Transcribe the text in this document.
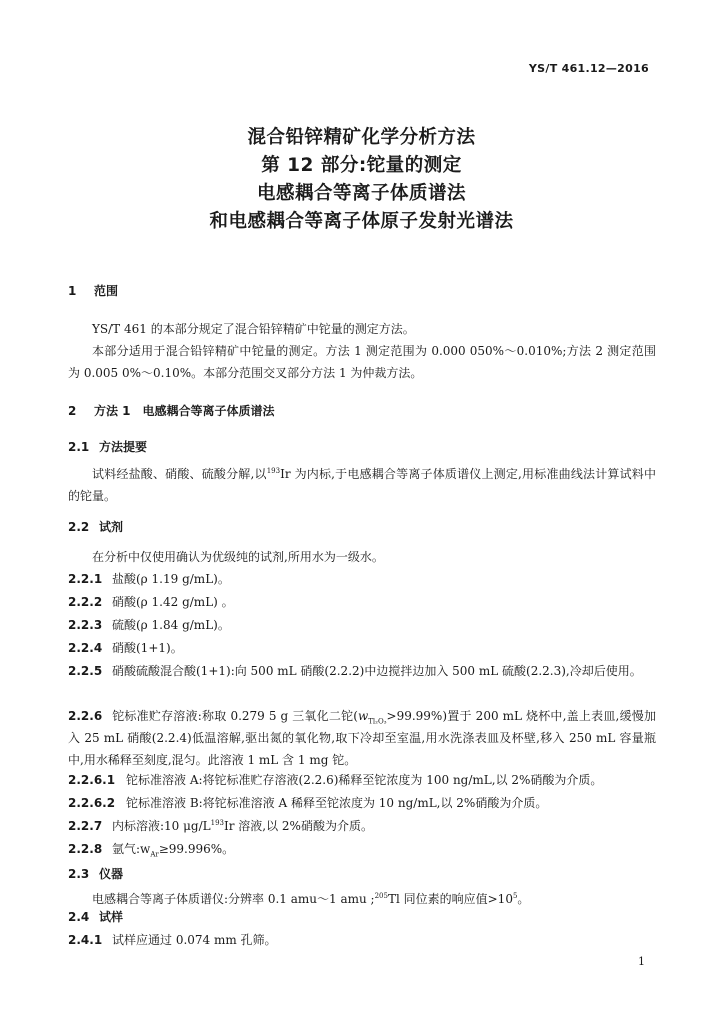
YS/T 461.12—2016

混合铅锌精矿化学分析方法

第 12 部分:铊量的测定

电感耦合等离子体质谱法

和电感耦合等离子体原子发射光谱法

1 范围
YS/T 461 的本部分规定了混合铅锌精矿中铊量的测定方法。
本部分适用于混合铅锌精矿中铊量的测定。方法 1 测定范围为 0.000 050%～0.010%;方法 2 测定范围为 0.005 0%～0.10%。本部分范围交叉部分方法 1 为仲裁方法。
2 方法 1　电感耦合等离子体质谱法
2.1 方法提要
试料经盐酸、硝酸、硫酸分解,以$^{193}$Ir 为内标,于电感耦合等离子体质谱仪上测定,用标准曲线法计算试料中的铊量。
2.2 试剂
在分析中仅使用确认为优级纯的试剂,所用水为一级水。
2.2.1 盐酸(ρ 1.19 g/mL)。
2.2.2 硝酸(ρ 1.42 g/mL) 。
2.2.3 硫酸(ρ 1.84 g/mL)。
2.2.4 硝酸(1+1)。
2.2.5 硝酸硫酸混合酸(1+1):向 500 mL 硝酸(2.2.2)中边搅拌边加入 500 mL 硫酸(2.2.3),冷却后使用。
2.2.6 铊标准贮存溶液:称取 0.279 5 g 三氧化二铊$(w_{Tl_2O_3}>99.99\%)$置于 200 mL 烧杯中,盖上表皿,缓慢加入 25 mL 硝酸(2.2.4)低温溶解,驱出氮的氧化物,取下冷却至室温,用水洗涤表皿及杯壁,移入 250 mL 容量瓶中,用水稀释至刻度,混匀。此溶液 1 mL 含 1 mg 铊。
2.2.6.1 铊标准溶液 A:将铊标准贮存溶液(2.2.6)稀释至铊浓度为 100 ng/mL,以 2%硝酸为介质。
2.2.6.2 铊标准溶液 B:将铊标准溶液 A 稀释至铊浓度为 10 ng/mL,以 2%硝酸为介质。
2.2.7 内标溶液:10 $\mu g/L^{193}Ir$ 溶液,以 2%硝酸为介质。
2.2.8 氩气$:w_{Ar}\ge 99.996\%$。
2.3 仪器
电感耦合等离子体质谱仪:分辨率 0.1 amu～1 amu ;$^{205}$Tl 同位素的响应值$>10^5$。
2.4 试样
2.4.1 试样应通过 0.074 mm 孔筛。
1
